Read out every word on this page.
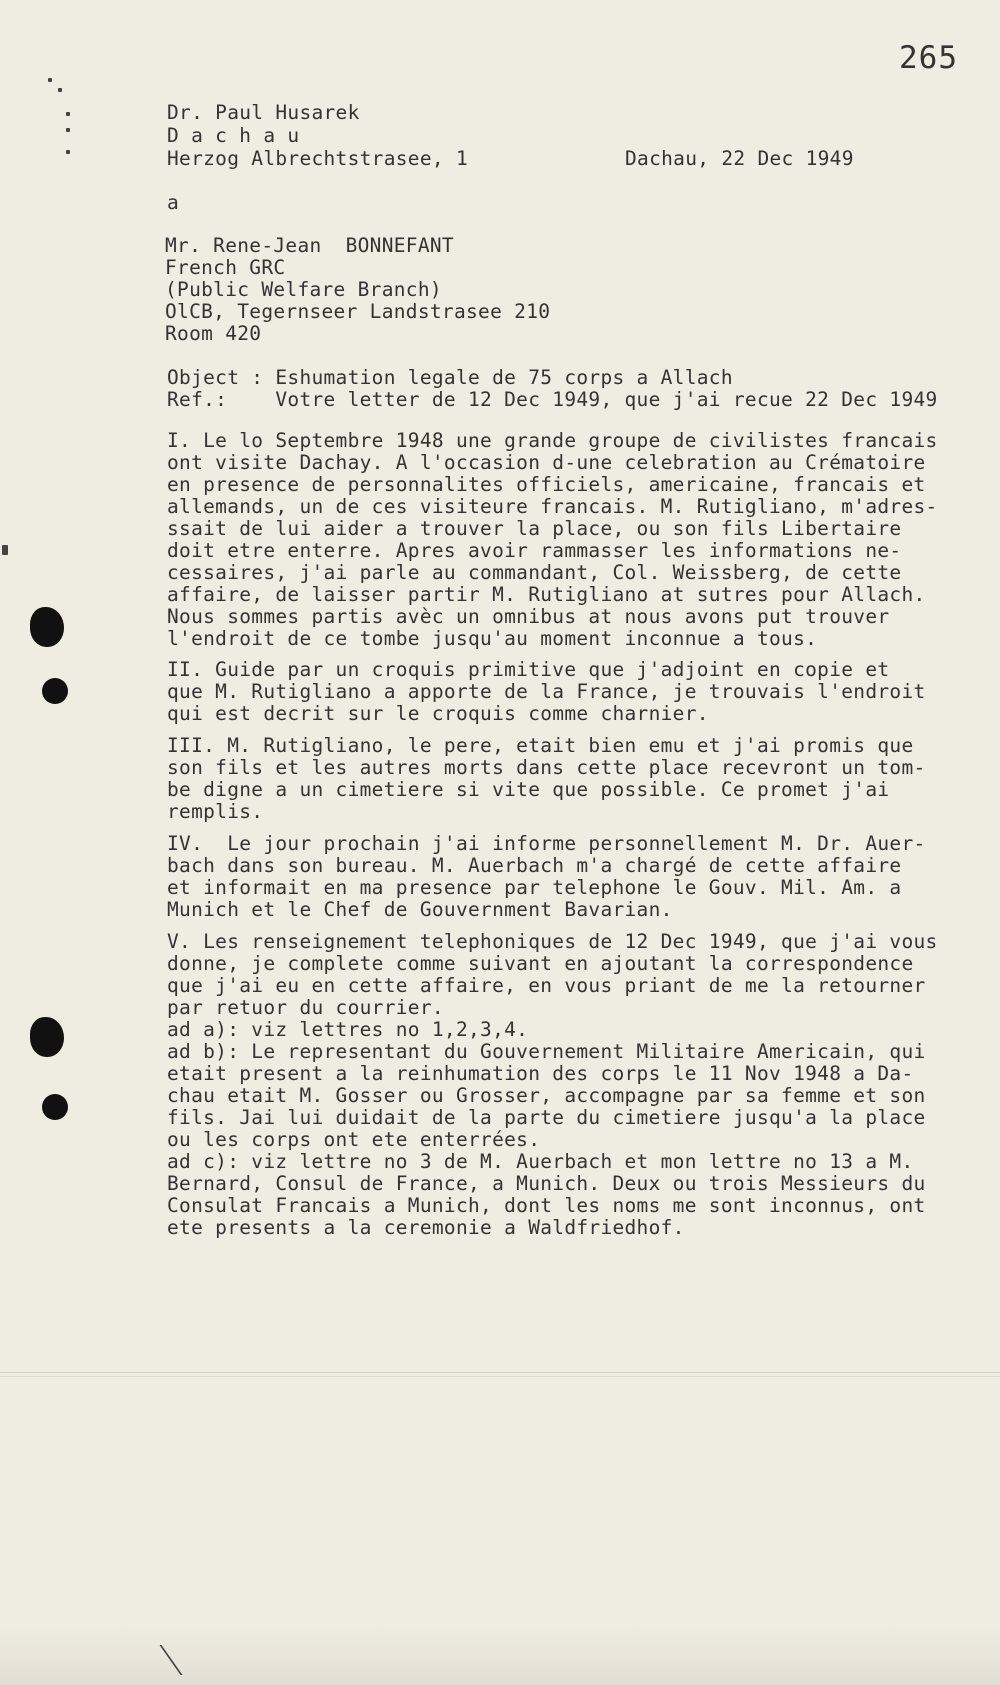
265
Dr. Paul Husarek
D a c h a u
Herzog Albrechtstrasee, 1	Dachau, 22 Dec 1949
a
Mr. Rene-Jean  BONNEFANT
French GRC
(Public Welfare Branch)
OlCB, Tegernseer Landstrasee 210
Room 420
Object : Eshumation legale de 75 corps a Allach
Ref.:    Votre letter de 12 Dec 1949, que j'ai recue 22 Dec 1949
I. Le lo Septembre 1948 une grande groupe de civilistes francais
ont visite Dachay. A l'occasion d-une celebration au Crématoire
en presence de personnalites officiels, americaine, francais et
allemands, un de ces visiteure francais. M. Rutigliano, m'adres-
ssait de lui aider a trouver la place, ou son fils Libertaire
doit etre enterre. Apres avoir rammasser les informations ne-
cessaires, j'ai parle au commandant, Col. Weissberg, de cette
affaire, de laisser partir M. Rutigliano at sutres pour Allach.
Nous sommes partis avèc un omnibus at nous avons put trouver
l'endroit de ce tombe jusqu'au moment inconnue a tous.
II. Guide par un croquis primitive que j'adjoint en copie et
que M. Rutigliano a apporte de la France, je trouvais l'endroit
qui est decrit sur le croquis comme charnier.
III. M. Rutigliano, le pere, etait bien emu et j'ai promis que
son fils et les autres morts dans cette place recevront un tom-
be digne a un cimetiere si vite que possible. Ce promet j'ai
remplis.
IV.  Le jour prochain j'ai informe personnellement M. Dr. Auer-
bach dans son bureau. M. Auerbach m'a chargé de cette affaire
et informait en ma presence par telephone le Gouv. Mil. Am. a
Munich et le Chef de Gouvernment Bavarian.
V. Les renseignement telephoniques de 12 Dec 1949, que j'ai vous
donne, je complete comme suivant en ajoutant la correspondence
que j'ai eu en cette affaire, en vous priant de me la retourner
par retuor du courrier.
ad a): viz lettres no 1,2,3,4.
ad b): Le representant du Gouvernement Militaire Americain, qui
etait present a la reinhumation des corps le 11 Nov 1948 a Da-
chau etait M. Gosser ou Grosser, accompagne par sa femme et son
fils. Jai lui duidait de la parte du cimetiere jusqu'a la place
ou les corps ont ete enterrées.
ad c): viz lettre no 3 de M. Auerbach et mon lettre no 13 a M.
Bernard, Consul de France, a Munich. Deux ou trois Messieurs du
Consulat Francais a Munich, dont les noms me sont inconnus, ont
ete presents a la ceremonie a Waldfriedhof.
